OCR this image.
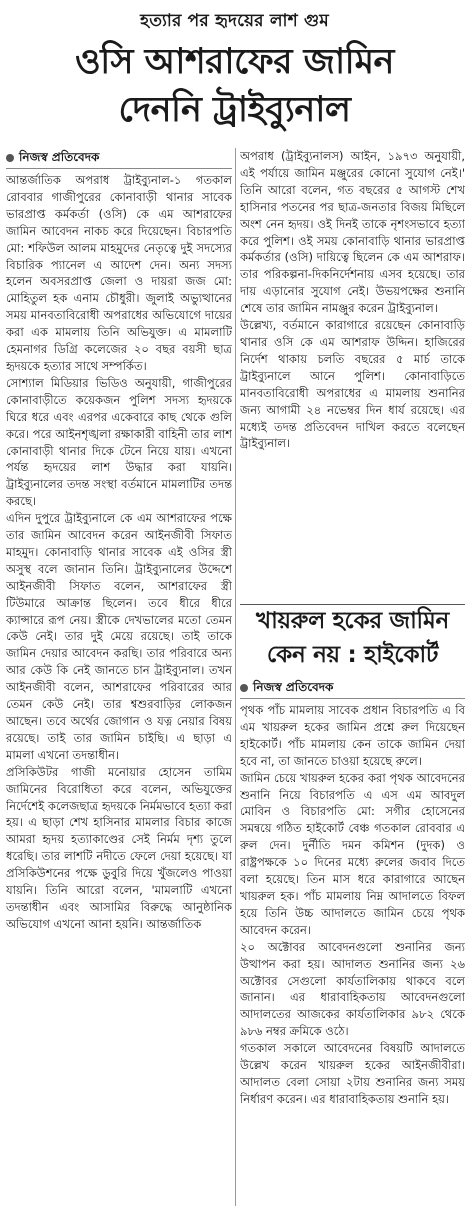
হত্যার পর হৃদয়ের লাশ গুম
ওসি আশরাফের জামিন
দেননি ট্রাইব্যুনাল
নিজস্ব প্রতিবেদক

আন্তর্জাতিক অপরাধ ট্রাইব্যুনাল-১ গতকাল রোববার গাজীপুরের কোনাবাড়ী থানার সাবেক ভারপ্রাপ্ত কর্মকর্তা (ওসি) কে এম আশরাফের জামিন আবেদন নাকচ করে দিয়েছেন। বিচারপতি মো: শফিউল আলম মাহমুদের নেতৃত্বে দুই সদস্যের বিচারিক প্যানেল এ আদেশ দেন। অন্য সদস্য হলেন অবসরপ্রাপ্ত জেলা ও দায়রা জজ মো: মোহিতুল হক এনাম চৌধুরী। জুলাই অভ্যুত্থানের সময় মানবতাবিরোধী অপরাধের অভিযোগে দায়ের করা এক মামলায় তিনি অভিযুক্ত। এ মামলাটি হেমনাগর ডিগ্রি কলেজের ২০ বছর বয়সী ছাত্র হৃদয়কে হত্যার সাথে সম্পর্কিত।

সোশ্যাল মিডিয়ার ভিডিও অনুযায়ী, গাজীপুরের কোনাবাড়ীতে কয়েকজন পুলিশ সদস্য হৃদয়কে ঘিরে ধরে এবং এরপর একেবারে কাছ থেকে গুলি করে। পরে আইনশৃঙ্খলা রক্ষাকারী বাহিনী তার লাশ কোনাবাড়ী থানার দিকে টেনে নিয়ে যায়। এখনো পর্যন্ত হৃদয়ের লাশ উদ্ধার করা যায়নি। ট্রাইব্যুনালের তদন্ত সংস্থা বর্তমানে মামলাটির তদন্ত করছে।

এদিন দুপুরে ট্রাইব্যুনালে কে এম আশরাফের পক্ষে তার জামিন আবেদন করেন আইনজীবী সিফাত মাহমুদ। কোনাবাড়ি থানার সাবেক এই ওসির স্ত্রী অসুস্থ বলে জানান তিনি। ট্রাইব্যুনালের উদ্দেশে আইনজীবী সিফাত বলেন, আশরাফের স্ত্রী টিউমারে আক্রান্ত ছিলেন। তবে ধীরে ধীরে ক্যান্সারে রূপ নেয়। স্ত্রীকে দেখভালের মতো তেমন কেউ নেই। তার দুই মেয়ে রয়েছে। তাই তাকে জামিন দেয়ার আবেদন করছি। তার পরিবারে অন্য আর কেউ কি নেই জানতে চান ট্রাইব্যুনাল। তখন আইনজীবী বলেন, আশরাফের পরিবারের আর তেমন কেউ নেই। তার শ্বশুরবাড়ির লোকজন আছেন। তবে অর্থের জোগান ও যত্ন নেয়ার বিষয় রয়েছে। তাই তার জামিন চাইছি। এ ছাড়া এ মামলা এখনো তদন্তাধীন।

প্রসিকিউটর গাজী মনোয়ার হোসেন তামিম জামিনের বিরোধিতা করে বলেন, অভিযুক্তের নির্দেশেই কলেজছাত্র হৃদয়কে নির্মমভাবে হত্যা করা হয়। এ ছাড়া শেখ হাসিনার মামলার বিচার কাজে আমরা হৃদয় হত্যাকাণ্ডের সেই নির্মম দৃশ্য তুলে ধরেছি। তার লাশটি নদীতে ফেলে দেয়া হয়েছে। যা প্রসিকিউশনের পক্ষে ডুবুরি দিয়ে খুঁজলেও পাওয়া যায়নি। তিনি আরো বলেন, 'মামলাটি এখনো তদন্তাধীন এবং আসামির বিরুদ্ধে আনুষ্ঠানিক অভিযোগ এখনো আনা হয়নি। আন্তর্জাতিক

অপরাধ (ট্রাইব্যুনালস) আইন, ১৯৭৩ অনুযায়ী, এই পর্যায়ে জামিন মঞ্জুরের কোনো সুযোগ নেই।' তিনি আরো বলেন, গত বছরের ৫ আগস্ট শেখ হাসিনার পতনের পর ছাত্র-জনতার বিজয় মিছিলে অংশ নেন হৃদয়। ওই দিনই তাকে নৃশংসভাবে হত্যা করে পুলিশ। ওই সময় কোনাবাড়ি থানার ভারপ্রাপ্ত কর্মকর্তার (ওসি) দায়িত্বে ছিলেন কে এম আশরাফ। তার পরিকল্পনা-দিকনির্দেশনায় এসব হয়েছে। তার দায় এড়ানোর সুযোগ নেই। উভয়পক্ষের শুনানি শেষে তার জামিন নামঞ্জুর করেন ট্রাইব্যুনাল।

উল্লেখ্য, বর্তমানে কারাগারে রয়েছেন কোনাবাড়ি থানার ওসি কে এম আশরাফ উদ্দিন। হাজিরের নির্দেশ থাকায় চলতি বছরের ৫ মার্চ তাকে ট্রাইব্যুনালে আনে পুলিশ। কোনাবাড়িতে মানবতাবিরোধী অপরাধের এ মামলায় শুনানির জন্য আগামী ২৪ নভেম্বর দিন ধার্য রয়েছে। এর মধ্যেই তদন্ত প্রতিবেদন দাখিল করতে বলেছেন ট্রাইব্যুনাল।

খায়রুল হকের জামিন
কেন নয় : হাইকোর্ট
নিজস্ব প্রতিবেদক

পৃথক পাঁচ মামলায় সাবেক প্রধান বিচারপতি এ বি এম খায়রুল হকের জামিন প্রশ্নে রুল দিয়েছেন হাইকোর্ট। পাঁচ মামলায় কেন তাকে জামিন দেয়া হবে না, তা জানতে চাওয়া হয়েছে রুলে।

জামিন চেয়ে খায়রুল হকের করা পৃথক আবেদনের শুনানি নিয়ে বিচারপতি এ এস এম আবদুল মোবিন ও বিচারপতি মো: সগীর হোসেনের সমন্বয়ে গঠিত হাইকোর্ট বেঞ্চ গতকাল রোববার এ রুল দেন। দুর্নীতি দমন কমিশন (দুদক) ও রাষ্ট্রপক্ষকে ১০ দিনের মধ্যে রুলের জবাব দিতে বলা হয়েছে। তিন মাস ধরে কারাগারে আছেন খায়রুল হক। পাঁচ মামলায় নিম্ন আদালতে বিফল হয়ে তিনি উচ্চ আদালতে জামিন চেয়ে পৃথক আবেদন করেন।

২০ অক্টোবর আবেদনগুলো শুনানির জন্য উত্থাপন করা হয়। আদালত শুনানির জন্য ২৬ অক্টোবর সেগুলো কার্যতালিকায় থাকবে বলে জানান। এর ধারাবাহিকতায় আবেদনগুলো আদালতের আজকের কার্যতালিকার ৯৮২ থেকে ৯৮৬ নম্বর ক্রমিকে ওঠে।

গতকাল সকালে আবেদনের বিষয়টি আদালতে উল্লেখ করেন খায়রুল হকের আইনজীবীরা। আদালত বেলা সোয়া ২টায় শুনানির জন্য সময় নির্ধারণ করেন। এর ধারাবাহিকতায় শুনানি হয়।
